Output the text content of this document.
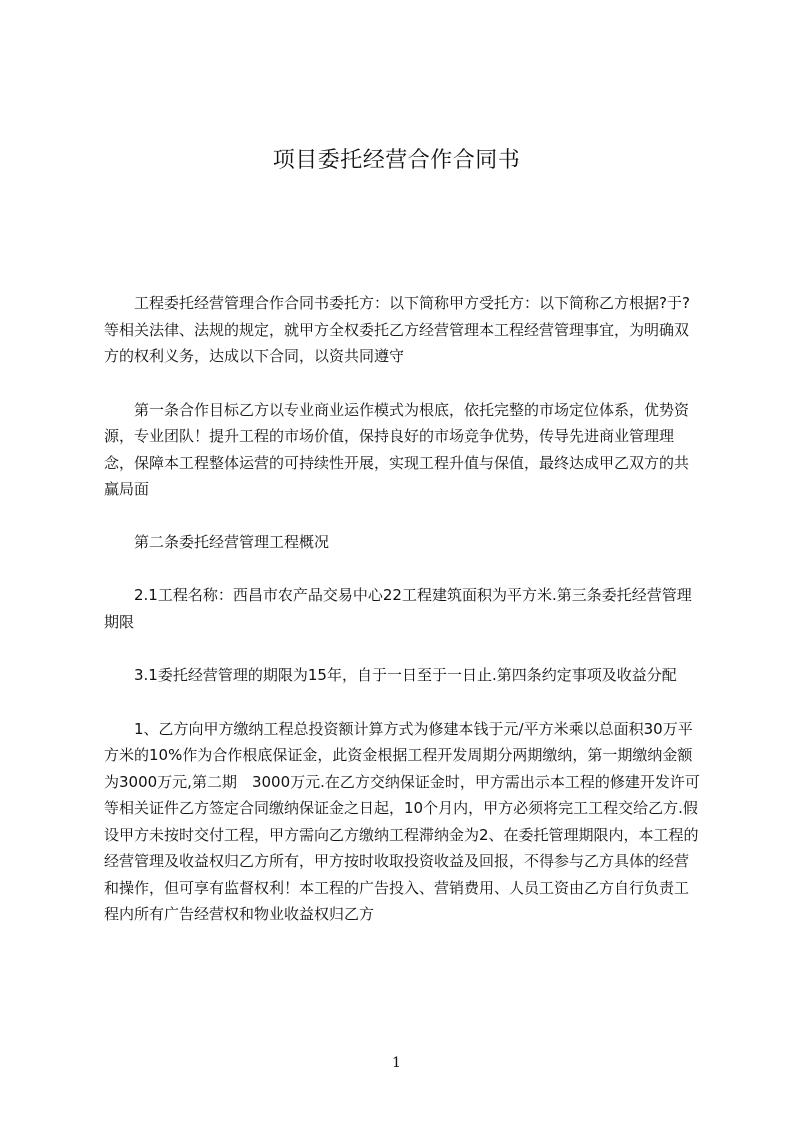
项目委托经营合作合同书

工程委托经营管理合作合同书委托方：以下简称甲方受托方：以下简称乙方根据?于?等相关法律、法规的规定，就甲方全权委托乙方经营管理本工程经营管理事宜，为明确双方的权利义务，达成以下合同，以资共同遵守

第一条合作目标乙方以专业商业运作模式为根底，依托完整的市场定位体系，优势资源，专业团队！提升工程的市场价值，保持良好的市场竞争优势，传导先进商业管理理念，保障本工程整体运营的可持续性开展，实现工程升值与保值，最终达成甲乙双方的共赢局面

第二条委托经营管理工程概况

2.1工程名称：西昌市农产品交易中心22工程建筑面积为平方米.第三条委托经营管理期限

3.1委托经营管理的期限为15年，自于一日至于一日止.第四条约定事项及收益分配

1、乙方向甲方缴纳工程总投资额计算方式为修建本钱于元/平方米乘以总面积30万平方米的10%作为合作根底保证金，此资金根据工程开发周期分两期缴纳，第一期缴纳金额为3000万元,第二期　3000万元.在乙方交纳保证金时，甲方需出示本工程的修建开发许可等相关证件乙方签定合同缴纳保证金之日起，10个月内，甲方必须将完工工程交给乙方.假设甲方未按时交付工程，甲方需向乙方缴纳工程滞纳金为2、在委托管理期限内，本工程的经营管理及收益权归乙方所有，甲方按时收取投资收益及回报，不得参与乙方具体的经营和操作，但可享有监督权利！本工程的广告投入、营销费用、人员工资由乙方自行负责工程内所有广告经营权和物业收益权归乙方

1
